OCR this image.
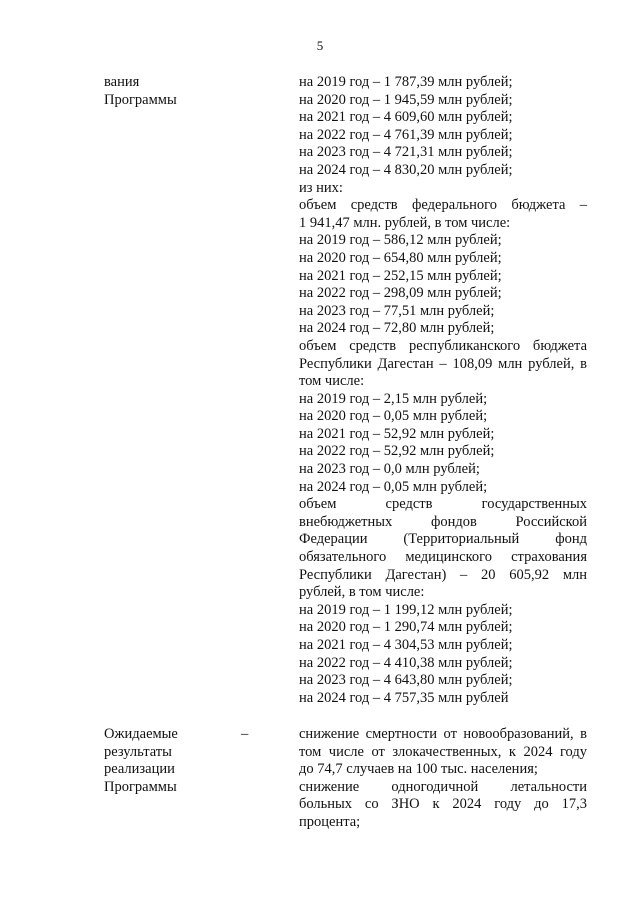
5
вания
Программы
на 2019 год – 1 787,39 млн рублей;
на 2020 год – 1 945,59 млн рублей;
на 2021 год – 4 609,60 млн рублей;
на 2022 год – 4 761,39 млн рублей;
на 2023 год – 4 721,31 млн рублей;
на 2024 год – 4 830,20 млн рублей;
из них:
объем средств федерального бюджета –
1 941,47 млн. рублей, в том числе:
на 2019 год – 586,12 млн рублей;
на 2020 год – 654,80 млн рублей;
на 2021 год – 252,15 млн рублей;
на 2022 год – 298,09 млн рублей;
на 2023 год – 77,51 млн рублей;
на 2024 год – 72,80 млн рублей;
объем средств республиканского бюджета
Республики Дагестан – 108,09 млн рублей, в
том числе:
на 2019 год – 2,15 млн рублей;
на 2020 год – 0,05 млн рублей;
на 2021 год – 52,92 млн рублей;
на 2022 год – 52,92 млн рублей;
на 2023 год – 0,0 млн рублей;
на 2024 год – 0,05 млн рублей;
объем средств государственных
внебюджетных фондов Российской
Федерации (Территориальный фонд
обязательного медицинского страхования
Республики Дагестан) – 20 605,92 млн
рублей, в том числе:
на 2019 год – 1 199,12 млн рублей;
на 2020 год – 1 290,74 млн рублей;
на 2021 год – 4 304,53 млн рублей;
на 2022 год – 4 410,38 млн рублей;
на 2023 год – 4 643,80 млн рублей;
на 2024 год – 4 757,35 млн рублей
Ожидаемые
результаты
реализации
Программы
–	снижение смертности от новообразований, в
том числе от злокачественных, к 2024 году
до 74,7 случаев на 100 тыс. населения;
снижение одногодичной летальности
больных со ЗНО к 2024 году до 17,3
процента;
